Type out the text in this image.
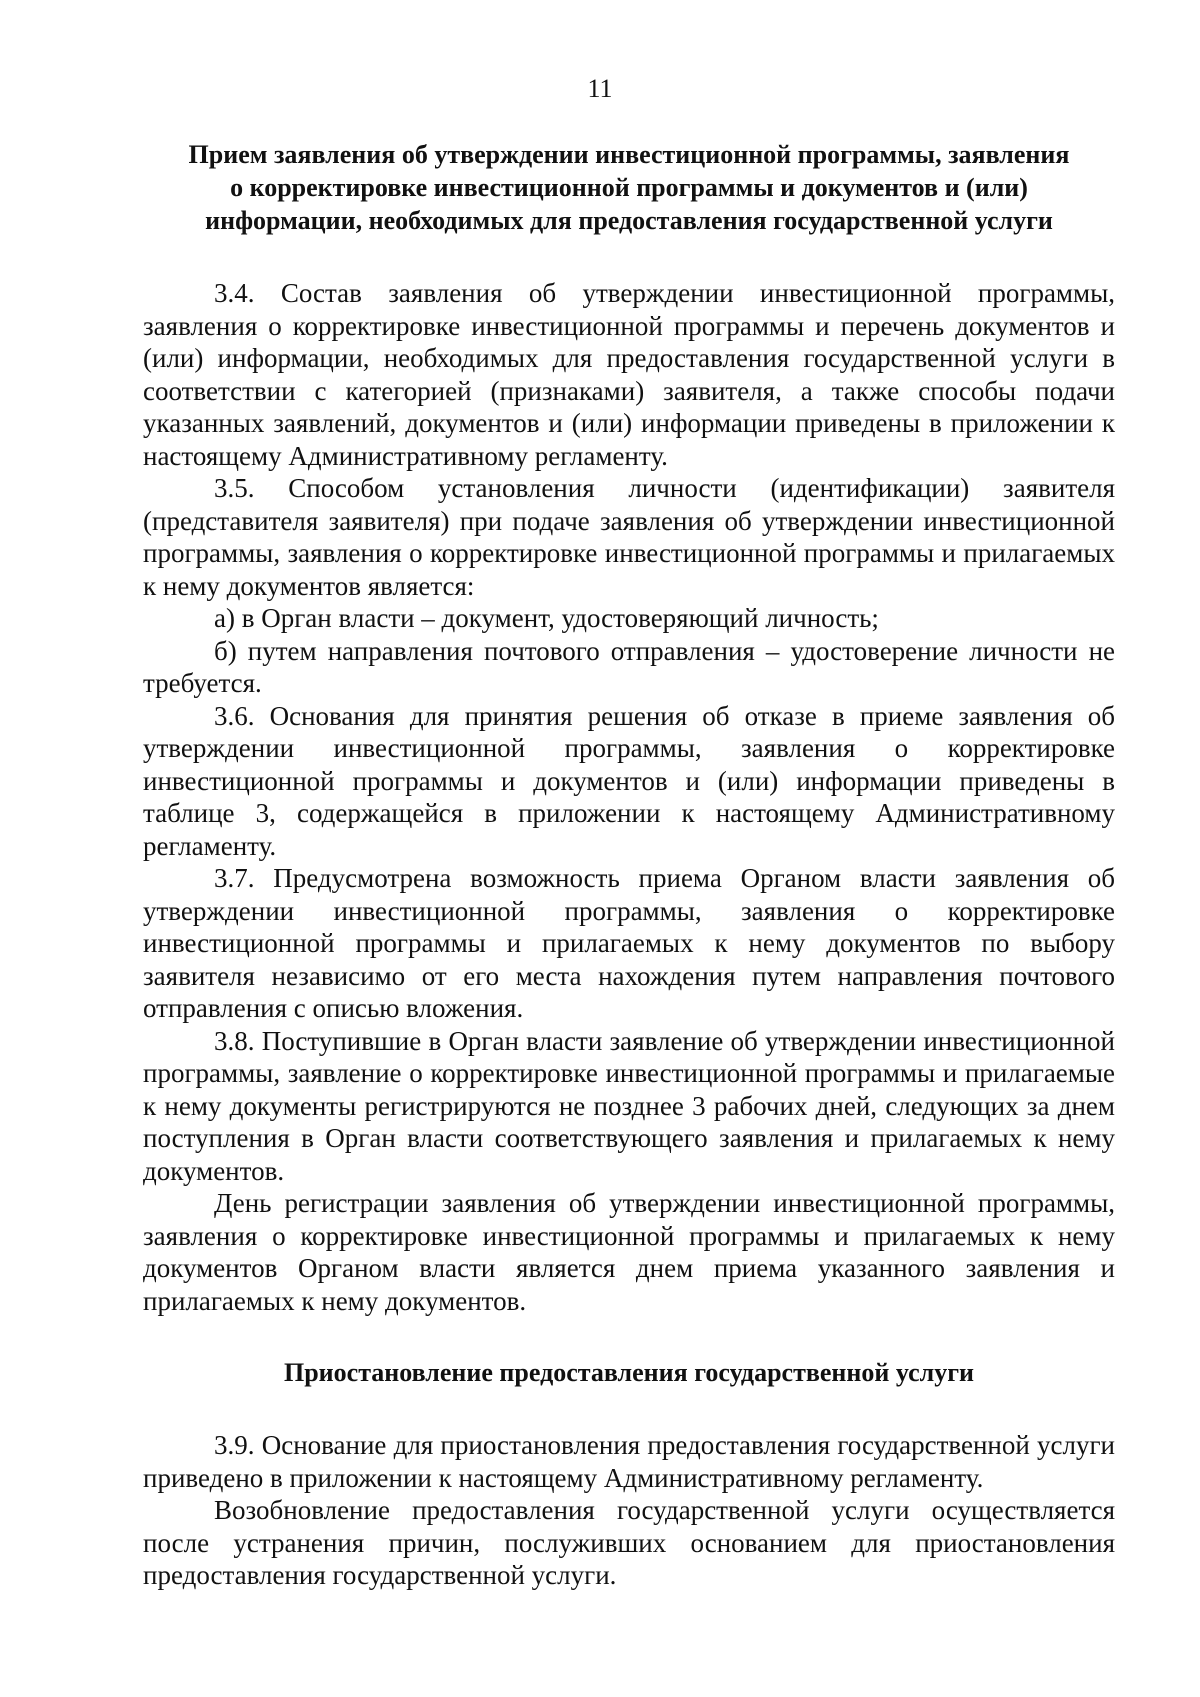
11
Прием заявления об утверждении инвестиционной программы, заявления
о корректировке инвестиционной программы и документов и (или)
информации, необходимых для предоставления государственной услуги

3.4. Состав заявления об утверждении инвестиционной программы, заявления о корректировке инвестиционной программы и перечень документов и (или) информации, необходимых для предоставления государственной услуги в соответствии с категорией (признаками) заявителя, а также способы подачи указанных заявлений, документов и (или) информации приведены в приложении к настоящему Административному регламенту.

3.5. Способом установления личности (идентификации) заявителя (представителя заявителя) при подаче заявления об утверждении инвестиционной программы, заявления о корректировке инвестиционной программы и прилагаемых к нему документов является:

а) в Орган власти – документ, удостоверяющий личность;

б) путем направления почтового отправления – удостоверение личности не требуется.

3.6. Основания для принятия решения об отказе в приеме заявления об утверждении инвестиционной программы, заявления о корректировке инвестиционной программы и документов и (или) информации приведены в таблице 3, содержащейся в приложении к настоящему Административному регламенту.

3.7. Предусмотрена возможность приема Органом власти заявления об утверждении инвестиционной программы, заявления о корректировке инвестиционной программы и прилагаемых к нему документов по выбору заявителя независимо от его места нахождения путем направления почтового отправления с описью вложения.

3.8. Поступившие в Орган власти заявление об утверждении инвестиционной программы, заявление о корректировке инвестиционной программы и прилагаемые к нему документы регистрируются не позднее 3 рабочих дней, следующих за днем поступления в Орган власти соответствующего заявления и прилагаемых к нему документов.

День регистрации заявления об утверждении инвестиционной программы, заявления о корректировке инвестиционной программы и прилагаемых к нему документов Органом власти является днем приема указанного заявления и прилагаемых к нему документов.

Приостановление предоставления государственной услуги

3.9. Основание для приостановления предоставления государственной услуги приведено в приложении к настоящему Административному регламенту.

Возобновление предоставления государственной услуги осуществляется после устранения причин, послуживших основанием для приостановления предоставления государственной услуги.
